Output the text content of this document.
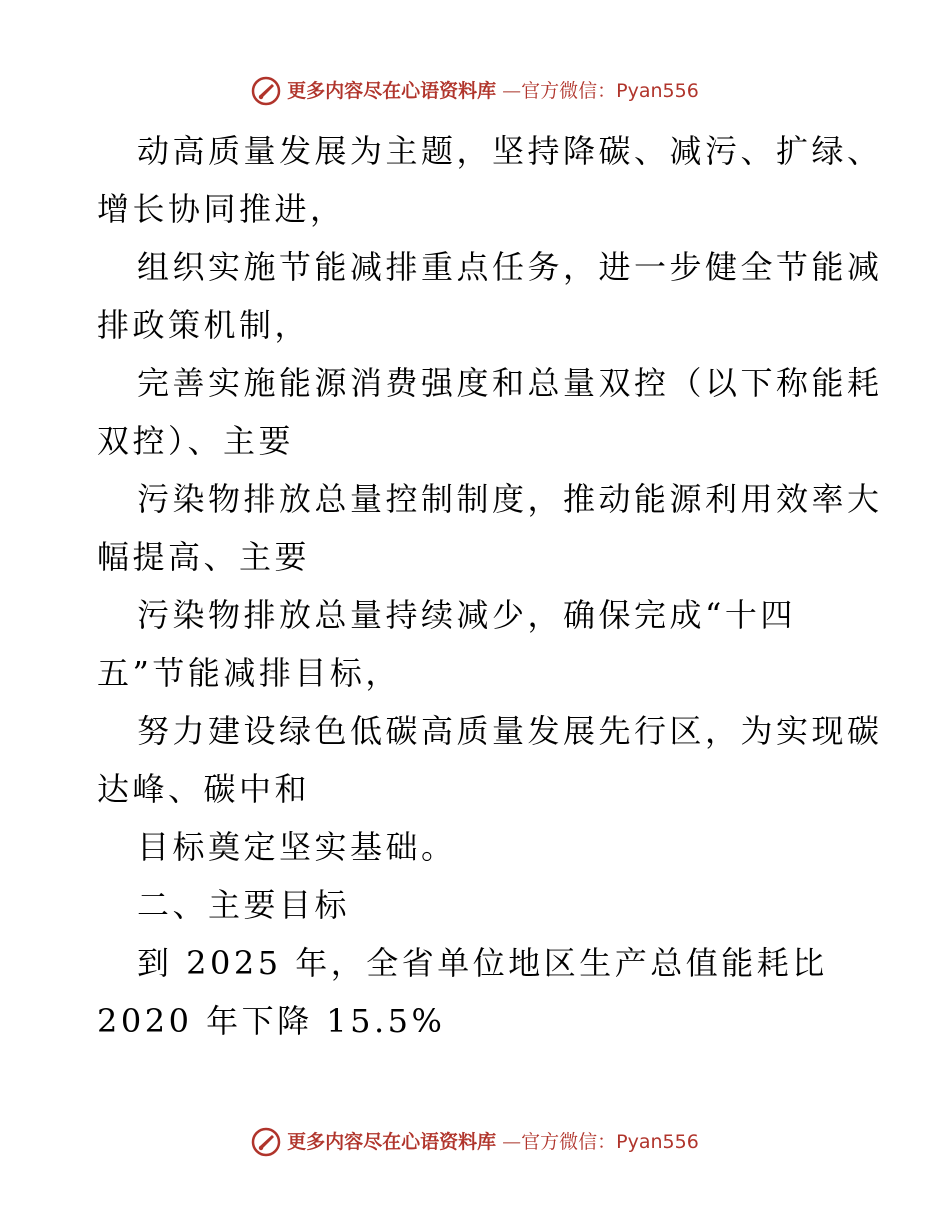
更多内容尽在心语资料库 —官方微信：Pyan556

动高质量发展为主题，坚持降碳、减污、扩绿、
增长协同推进，

组织实施节能减排重点任务，进一步健全节能减
排政策机制，

完善实施能源消费强度和总量双控（以下称能耗
双控）、主要

污染物排放总量控制制度，推动能源利用效率大
幅提高、主要

污染物排放总量持续减少，确保完成“十四
五”节能减排目标，

努力建设绿色低碳高质量发展先行区，为实现碳
达峰、碳中和

目标奠定坚实基础。

二、主要目标

到 2025 年，全省单位地区生产总值能耗比
2020 年下降 15.5%

更多内容尽在心语资料库 —官方微信：Pyan556
